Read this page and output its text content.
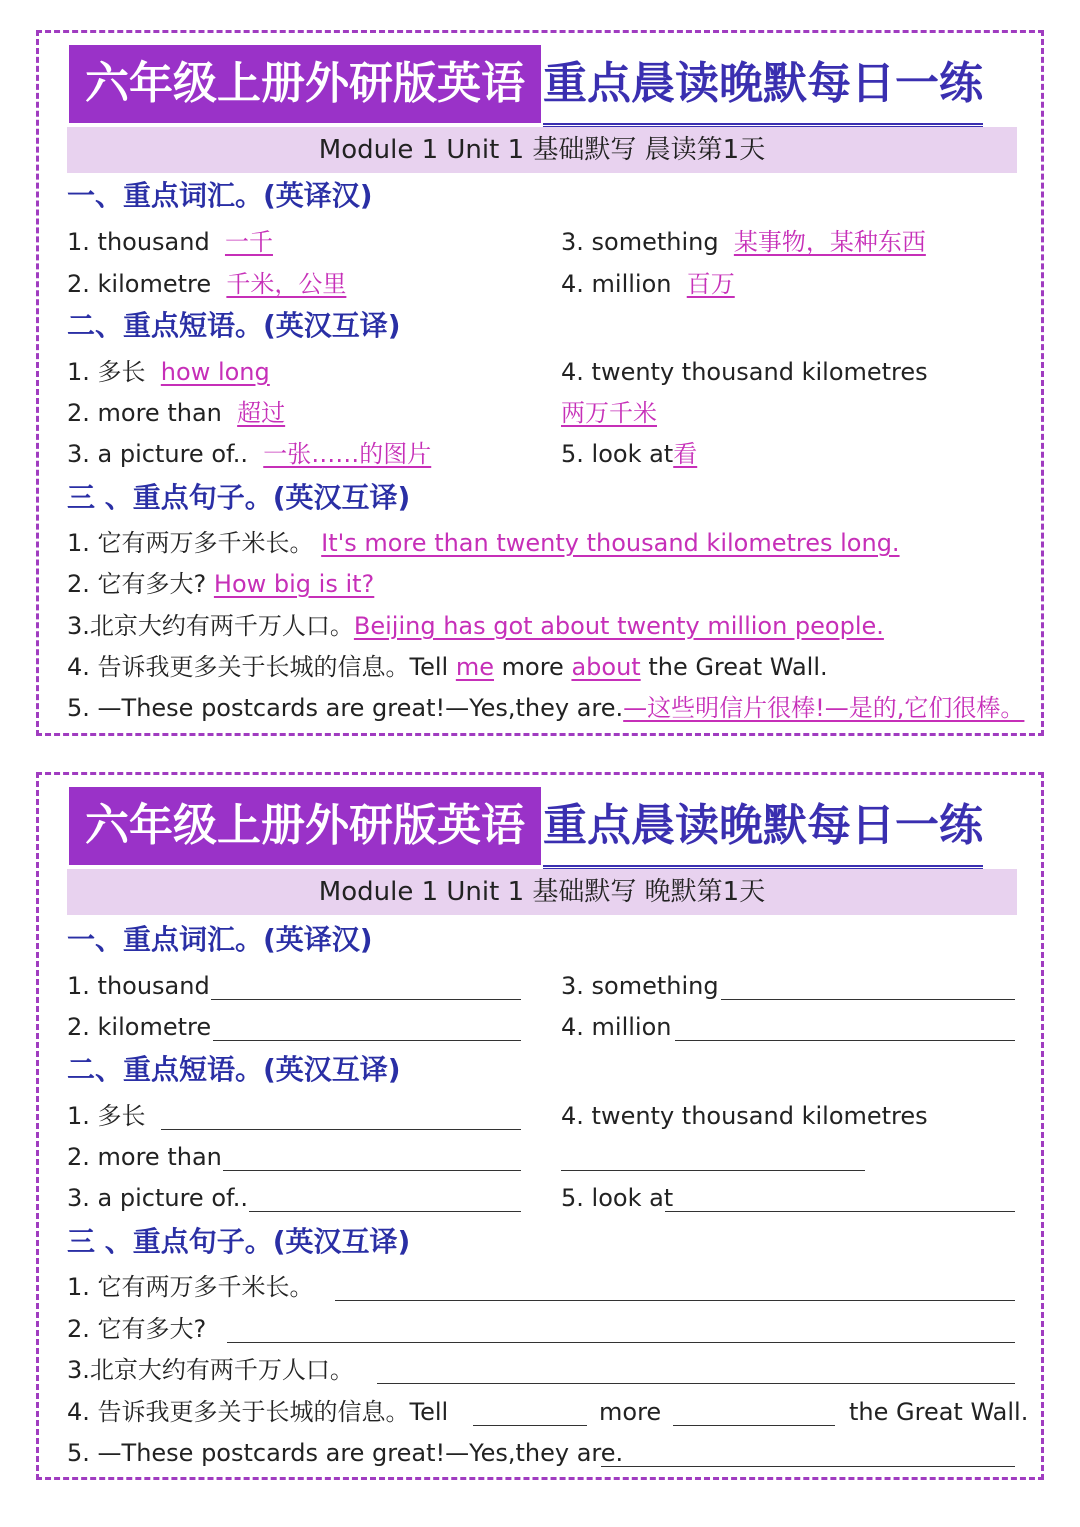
六年级上册外研版英语 重点晨读晚默每日一练
Module 1 Unit 1 基础默写 晨读第1天
一、重点词汇。(英译汉)
1. thousand 一千
2. kilometre 千米，公里
3. something 某事物，某种东西
4. million 百万
二、重点短语。(英汉互译)
1. 多长 how long
2. more than 超过
3. a picture of.. 一张……的图片
4. twenty thousand kilometres
两万千米
5. look at看
三 、重点句子。(英汉互译)
1. 它有两万多千米长。 It's more than twenty thousand kilometres long.
2. 它有多大? How big is it?
3.北京大约有两千万人口。Beijing has got about twenty million people.
4. 告诉我更多关于长城的信息。Tell me more about the Great Wall.
5. —These postcards are great!—Yes,they are.—这些明信片很棒!—是的,它们很棒。
六年级上册外研版英语 重点晨读晚默每日一练
Module 1 Unit 1 基础默写 晚默第1天
一、重点词汇。(英译汉)
1. thousand
2. kilometre
3. something
4. million
二、重点短语。(英汉互译)
1. 多长
2. more than
3. a picture of..
4. twenty thousand kilometres
5. look at
三 、重点句子。(英汉互译)
1. 它有两万多千米长。
2. 它有多大?
3.北京大约有两千万人口。
4. 告诉我更多关于长城的信息。Tell	more	the Great Wall.
5. —These postcards are great!—Yes,they are.
